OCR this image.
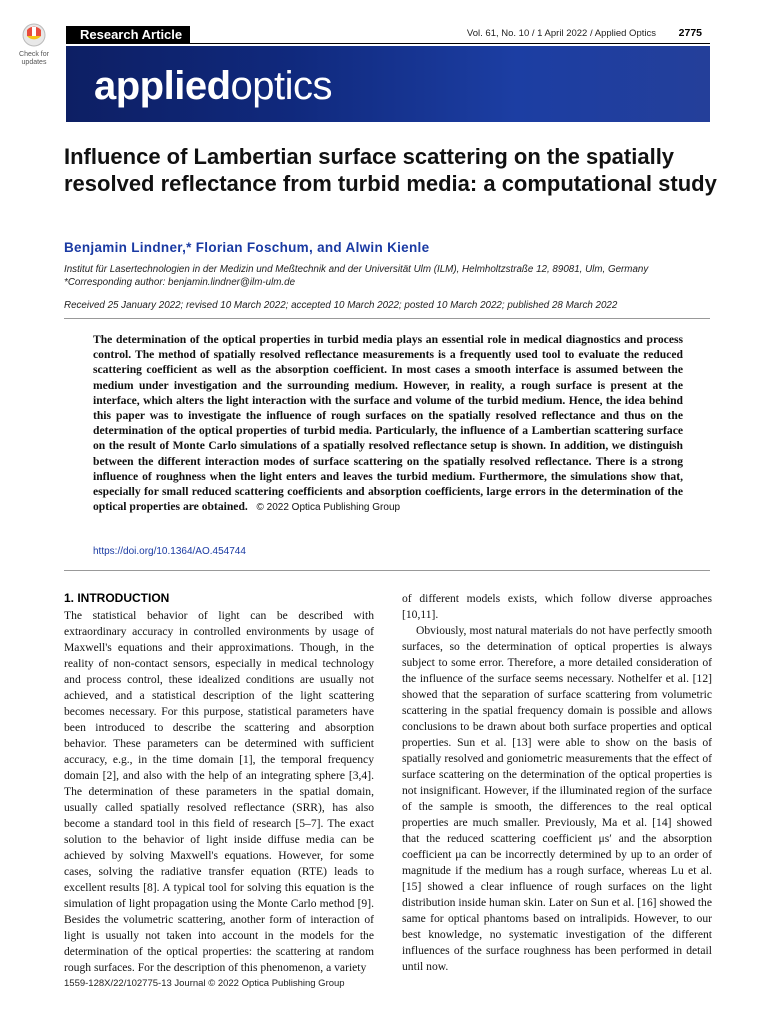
Check for
updates
Research Article	Vol. 61, No. 10 / 1 April 2022 / Applied Optics 2775
appliedoptics
Influence of Lambertian surface scattering on the spatially resolved reflectance from turbid media: a computational study
Benjamin Lindner,* Florian Foschum, and Alwin Kienle
Institut für Lasertechnologien in der Medizin und Meßtechnik and der Universität Ulm (ILM), Helmholtzstraße 12, 89081, Ulm, Germany
*Corresponding author: benjamin.lindner@ilm-ulm.de
Received 25 January 2022; revised 10 March 2022; accepted 10 March 2022; posted 10 March 2022; published 28 March 2022
The determination of the optical properties in turbid media plays an essential role in medical diagnostics and process control. The method of spatially resolved reflectance measurements is a frequently used tool to evaluate the reduced scattering coefficient as well as the absorption coefficient. In most cases a smooth interface is assumed between the medium under investigation and the surrounding medium. However, in reality, a rough surface is present at the interface, which alters the light interaction with the surface and volume of the turbid medium. Hence, the idea behind this paper was to investigate the influence of rough surfaces on the spatially resolved reflectance and thus on the determination of the optical properties of turbid media. Particularly, the influence of a Lambertian scattering surface on the result of Monte Carlo simulations of a spatially resolved reflectance setup is shown. In addition, we distinguish between the different interaction modes of surface scattering on the spatially resolved reflectance. There is a strong influence of roughness when the light enters and leaves the turbid medium. Furthermore, the simulations show that, especially for small reduced scattering coefficients and absorption coefficients, large errors in the determination of the optical properties are obtained. © 2022 Optica Publishing Group
https://doi.org/10.1364/AO.454744
1. INTRODUCTION

The statistical behavior of light can be described with extraordinary accuracy in controlled environments by usage of Maxwell's equations and their approximations. Though, in the reality of non-contact sensors, especially in medical technology and process control, these idealized conditions are usually not achieved, and a statistical description of the light scattering becomes necessary. For this purpose, statistical parameters have been introduced to describe the scattering and absorption behavior. These parameters can be determined with sufficient accuracy, e.g., in the time domain [1], the temporal frequency domain [2], and also with the help of an integrating sphere [3,4]. The determination of these parameters in the spatial domain, usually called spatially resolved reflectance (SRR), has also become a standard tool in this field of research [5–7]. The exact solution to the behavior of light inside diffuse media can be achieved by solving Maxwell's equations. However, for some cases, solving the radiative transfer equation (RTE) leads to excellent results [8]. A typical tool for solving this equation is the simulation of light propagation using the Monte Carlo method [9]. Besides the volumetric scattering, another form of interaction of light is usually not taken into account in the models for the determination of the optical properties: the scattering at random rough surfaces. For the description of this phenomenon, a variety

of different models exists, which follow diverse approaches [10,11].

Obviously, most natural materials do not have perfectly smooth surfaces, so the determination of optical properties is always subject to some error. Therefore, a more detailed consideration of the influence of the surface seems necessary. Nothelfer et al. [12] showed that the separation of surface scattering from volumetric scattering in the spatial frequency domain is possible and allows conclusions to be drawn about both surface properties and optical properties. Sun et al. [13] were able to show on the basis of spatially resolved and goniometric measurements that the effect of surface scattering on the determination of the optical properties is not insignificant. However, if the illuminated region of the surface of the sample is smooth, the differences to the real optical properties are much smaller. Previously, Ma et al. [14] showed that the reduced scattering coefficient μs′ and the absorption coefficient μa can be incorrectly determined by up to an order of magnitude if the medium has a rough surface, whereas Lu et al. [15] showed a clear influence of rough surfaces on the light distribution inside human skin. Later on Sun et al. [16] showed the same for optical phantoms based on intralipids. However, to our best knowledge, no systematic investigation of the different influences of the surface roughness has been performed in detail until now.

1559-128X/22/102775-13 Journal © 2022 Optica Publishing Group
